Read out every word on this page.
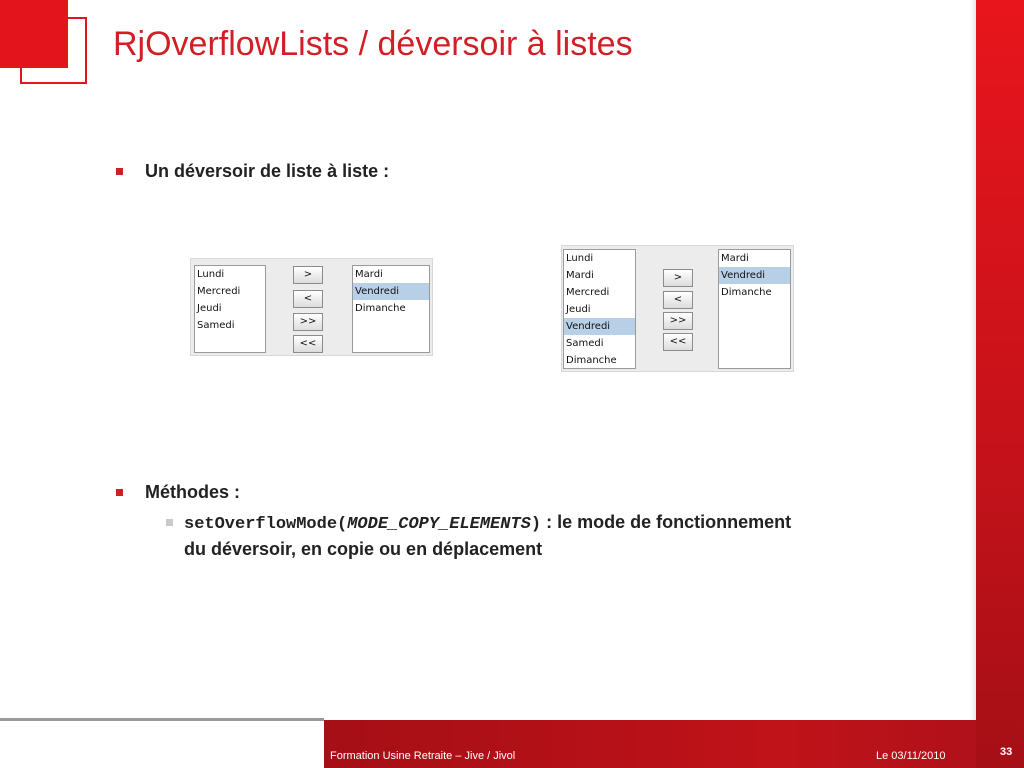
RjOverflowLists / déversoir à listes
Un déversoir de liste à liste :
Lundi
Mercredi
Jeudi
Samedi
>
<
>>
<<
Mardi
Vendredi
Dimanche
Lundi
Mardi
Mercredi
Jeudi
Vendredi
Samedi
Dimanche
>
<
>>
<<
Mardi
Vendredi
Dimanche
Méthodes :
setOverflowMode(MODE_COPY_ELEMENTS) : le mode de fonctionnement
du déversoir, en copie ou en déplacement
Formation Usine Retraite – Jive / Jivol	Le 03/11/2010	33
